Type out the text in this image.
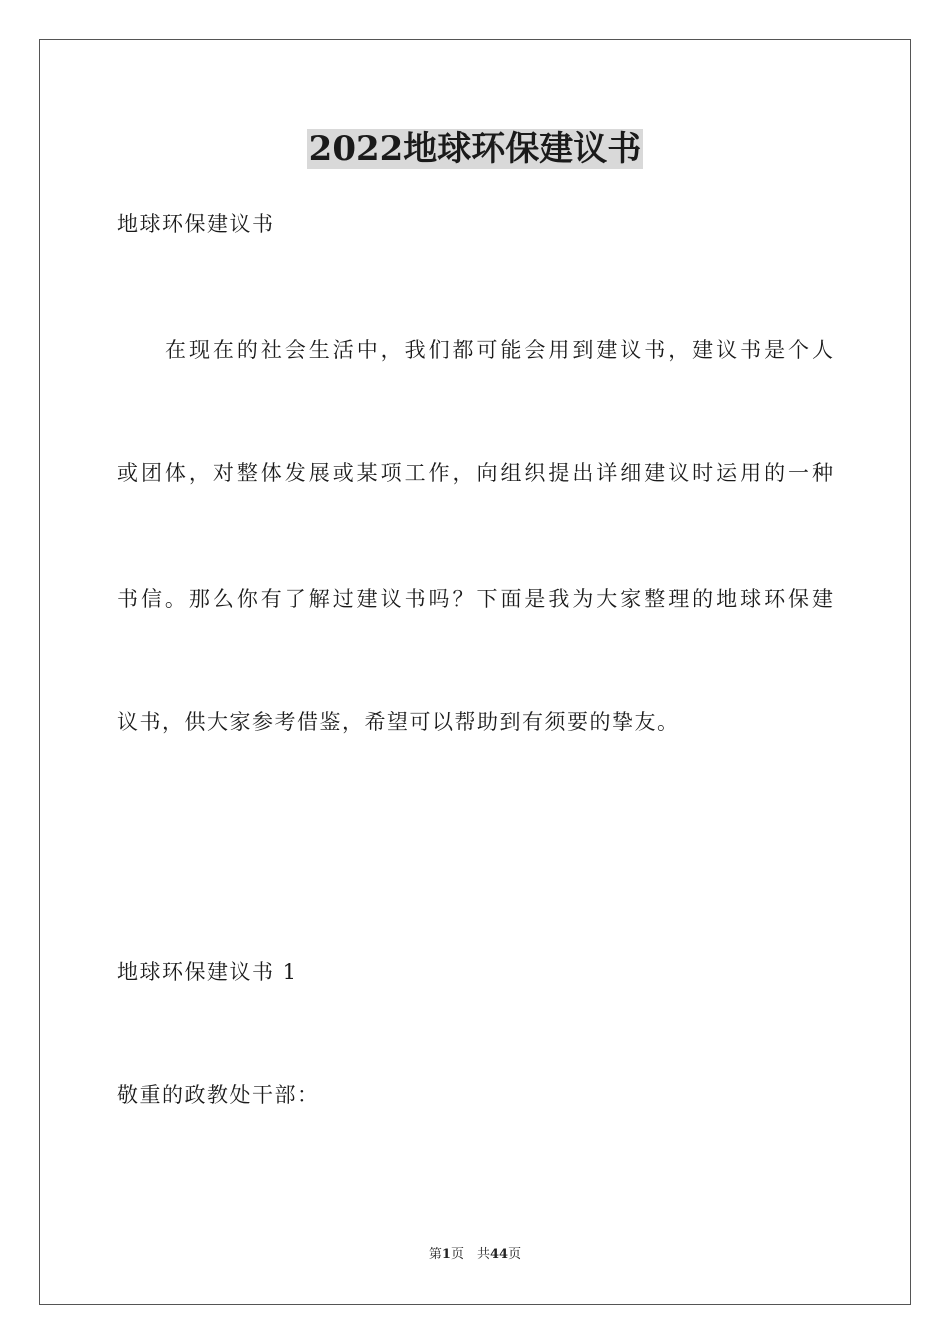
2022地球环保建议书
地球环保建议书
在现在的社会生活中，我们都可能会用到建议书，建议书是个人
或团体，对整体发展或某项工作，向组织提出详细建议时运用的一种
书信。那么你有了解过建议书吗？下面是我为大家整理的地球环保建
议书，供大家参考借鉴，希望可以帮助到有须要的挚友。
地球环保建议书 1
敬重的政教处干部：
第1页　共44页
